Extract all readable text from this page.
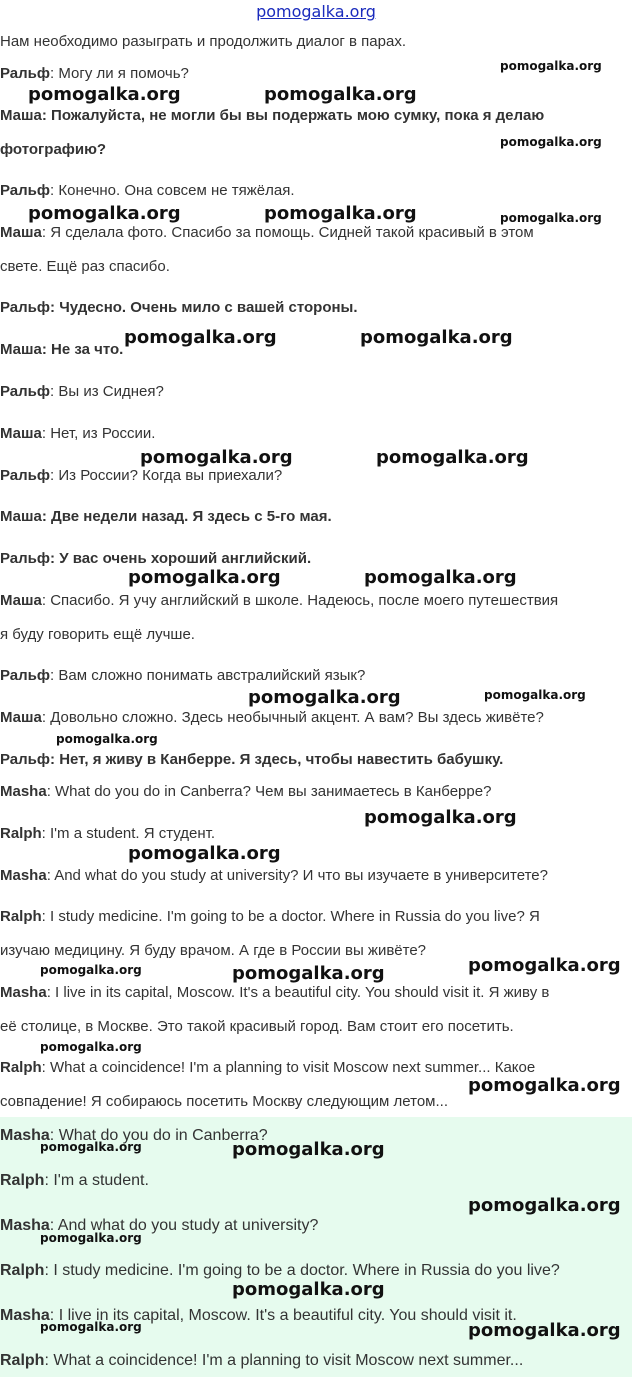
pomogalka.org
Нам необходимо разыграть и продолжить диалог в парах.
Ральф: Могу ли я помочь?
Маша: Пожалуйста, не могли бы вы подержать мою сумку, пока я делаю
фотографию?
Ральф: Конечно. Она совсем не тяжёлая.
Маша: Я сделала фото. Спасибо за помощь. Сидней такой красивый в этом
свете. Ещё раз спасибо.
Ральф: Чудесно. Очень мило с вашей стороны.
Маша: Не за что.
Ральф: Вы из Сиднея?
Маша: Нет, из России.
Ральф: Из России? Когда вы приехали?
Маша: Две недели назад. Я здесь с 5-го мая.
Ральф: У вас очень хороший английский.
Маша: Спасибо. Я учу английский в школе. Надеюсь, после моего путешествия
я буду говорить ещё лучше.
Ральф: Вам сложно понимать австралийский язык?
Маша: Довольно сложно. Здесь необычный акцент. А вам? Вы здесь живёте?
Ральф: Нет, я живу в Канберре. Я здесь, чтобы навестить бабушку.
Masha: What do you do in Canberra? Чем вы занимаетесь в Канберре?
Ralph: I'm a student. Я студент.
Masha: And what do you study at university? И что вы изучаете в университете?
Ralph: I study medicine. I'm going to be a doctor. Where in Russia do you live? Я
изучаю медицину. Я буду врачом. А где в России вы живёте?
Masha: I live in its capital, Moscow. It's a beautiful city. You should visit it. Я живу в
её столице, в Москве. Это такой красивый город. Вам стоит его посетить.
Ralph: What a coincidence! I'm a planning to visit Moscow next summer... Какое
совпадение! Я собираюсь посетить Москву следующим летом...
Masha: What do you do in Canberra?
Ralph: I'm a student.
Masha: And what do you study at university?
Ralph: I study medicine. I'm going to be a doctor. Where in Russia do you live?
Masha: I live in its capital, Moscow. It's a beautiful city. You should visit it.
Ralph: What a coincidence! I'm a planning to visit Moscow next summer...
pomogalka.org
pomogalka.org	pomogalka.org
pomogalka.org
pomogalka.org	pomogalka.org	pomogalka.org
pomogalka.org	pomogalka.org
pomogalka.org	pomogalka.org
pomogalka.org	pomogalka.org
pomogalka.org	pomogalka.org
pomogalka.org
pomogalka.org
pomogalka.org
pomogalka.org	pomogalka.org	pomogalka.org
pomogalka.org
pomogalka.org
pomogalka.org	pomogalka.org
pomogalka.org
pomogalka.org
pomogalka.org
pomogalka.org	pomogalka.org
